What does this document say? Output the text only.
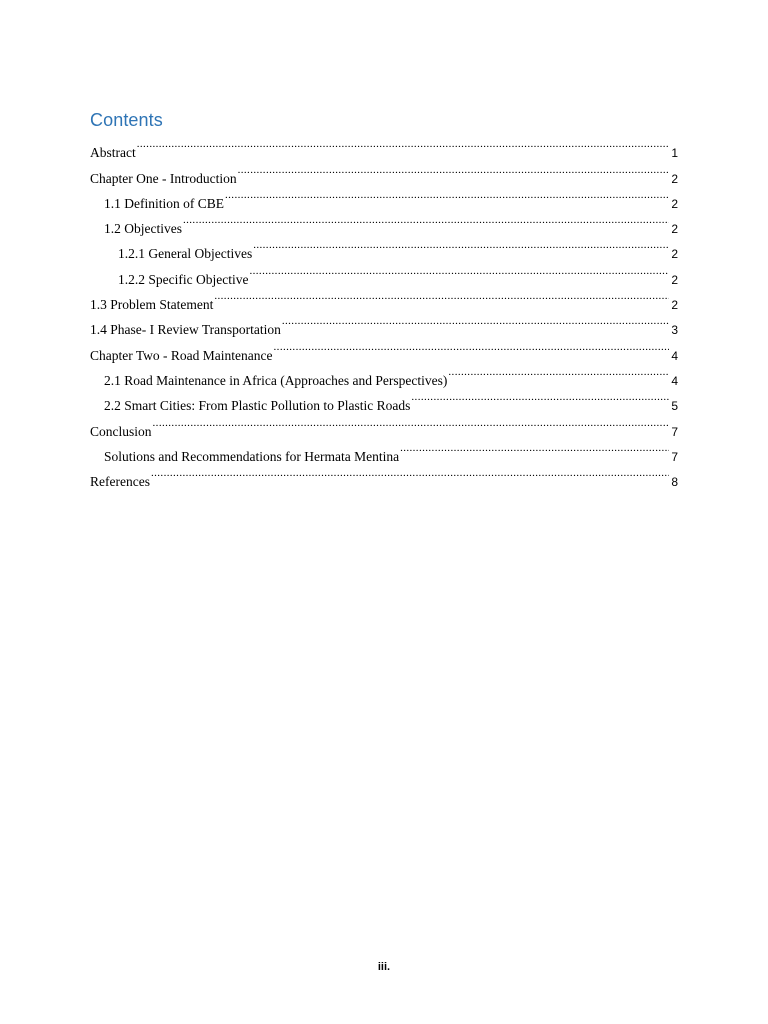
Contents
Abstract .....	1
Chapter One - Introduction .....	2
1.1 Definition of CBE .....	2
1.2 Objectives .....	2
1.2.1 General Objectives .....	2
1.2.2 Specific Objective .....	2
1.3 Problem Statement .....	2
1.4 Phase- I Review Transportation .....	3
Chapter Two - Road Maintenance .....	4
2.1 Road Maintenance in Africa (Approaches and Perspectives) .....	4
2.2 Smart Cities: From Plastic Pollution to Plastic Roads .....	5
Conclusion .....	7
Solutions and Recommendations for Hermata Mentina .....	7
References .....	8
iii.
